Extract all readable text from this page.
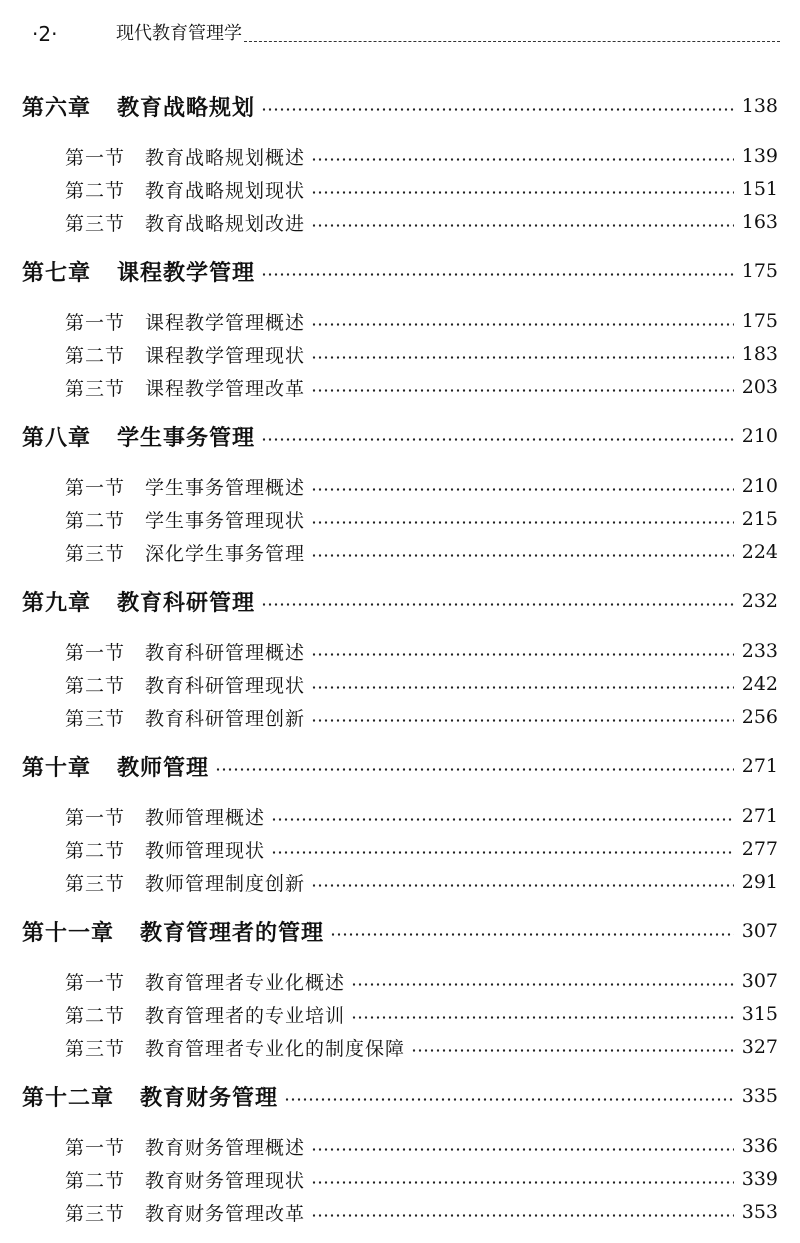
·2·	现代教育管理学
第六章 教育战略规划	138
第一节 教育战略规划概述	139
第二节 教育战略规划现状	151
第三节 教育战略规划改进	163
第七章 课程教学管理	175
第一节 课程教学管理概述	175
第二节 课程教学管理现状	183
第三节 课程教学管理改革	203
第八章 学生事务管理	210
第一节 学生事务管理概述	210
第二节 学生事务管理现状	215
第三节 深化学生事务管理	224
第九章 教育科研管理	232
第一节 教育科研管理概述	233
第二节 教育科研管理现状	242
第三节 教育科研管理创新	256
第十章 教师管理	271
第一节 教师管理概述	271
第二节 教师管理现状	277
第三节 教师管理制度创新	291
第十一章 教育管理者的管理	307
第一节 教育管理者专业化概述	307
第二节 教育管理者的专业培训	315
第三节 教育管理者专业化的制度保障	327
第十二章 教育财务管理	335
第一节 教育财务管理概述	336
第二节 教育财务管理现状	339
第三节 教育财务管理改革	353
